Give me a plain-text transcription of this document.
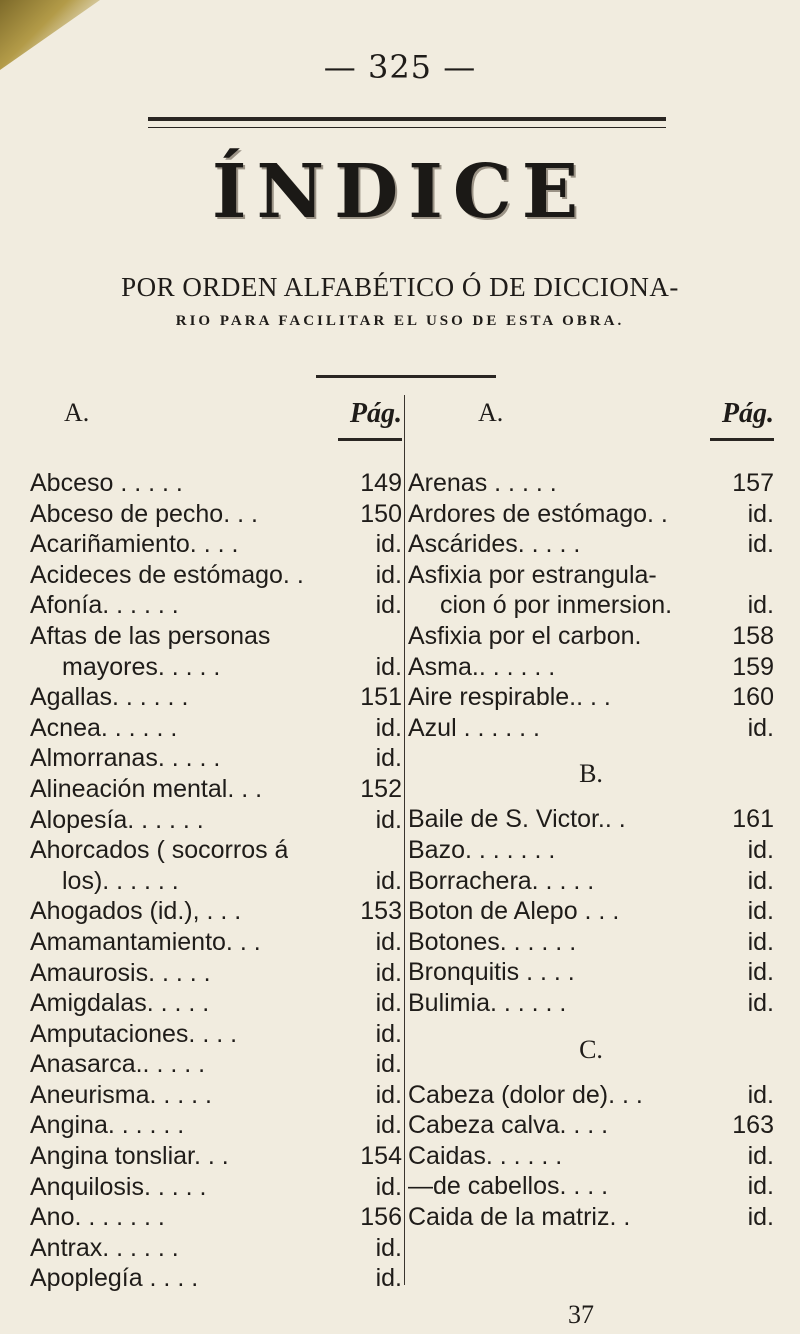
— 325 —
ÍNDICE
POR ORDEN ALFABÉTICO Ó DE DICCIONA-
RIO PARA FACILITAR EL USO DE ESTA OBRA.
A.	Pág.
Abceso . . . . .	149
Abceso de pecho. . .	150
Acariñamiento. . . .	id.
Acideces de estómago. .	id.
Afonía. . . . . .	id.
Aftas de las personas
mayores. . . . .	id.
Agallas. . . . . .	151
Acnea. . . . . .	id.
Almorranas. . . . .	id.
Alineación mental. . .	152
Alopesía. . . . . .	id.
Ahorcados ( socorros á
los). . . . . .	id.
Ahogados (id.), . . .	153
Amamantamiento. . .	id.
Amaurosis. . . . .	id.
Amigdalas. . . . .	id.
Amputaciones. . . .	id.
Anasarca.. . . . .	id.
Aneurisma. . . . .	id.
Angina. . . . . .	id.
Angina tonsliar. . .	154
Anquilosis. . . . .	id.
Ano. . . . . . .	156
Antrax. . . . . .	id.
Apoplegía . . . .	id.
A.	Pág.
Arenas . . . . .	157
Ardores de estómago. .	id.
Ascárides. . . . .	id.
Asfixia por estrangula-
cion ó por inmersion.	id.
Asfixia por el carbon.	158
Asma.. . . . . .	159
Aire respirable.. . .	160
Azul . . . . . .	id.
B.
Baile de S. Victor.. .	161
Bazo. . . . . . .	id.
Borrachera. . . . .	id.
Boton de Alepo . . .	id.
Botones. . . . . .	id.
Bronquitis . . . .	id.
Bulimia. . . . . .	id.
C.
Cabeza (dolor de). . .	id.
Cabeza calva. . . .	163
Caidas. . . . . .	id.
—de cabellos. . . .	id.
Caida de la matriz. .	id.
37
